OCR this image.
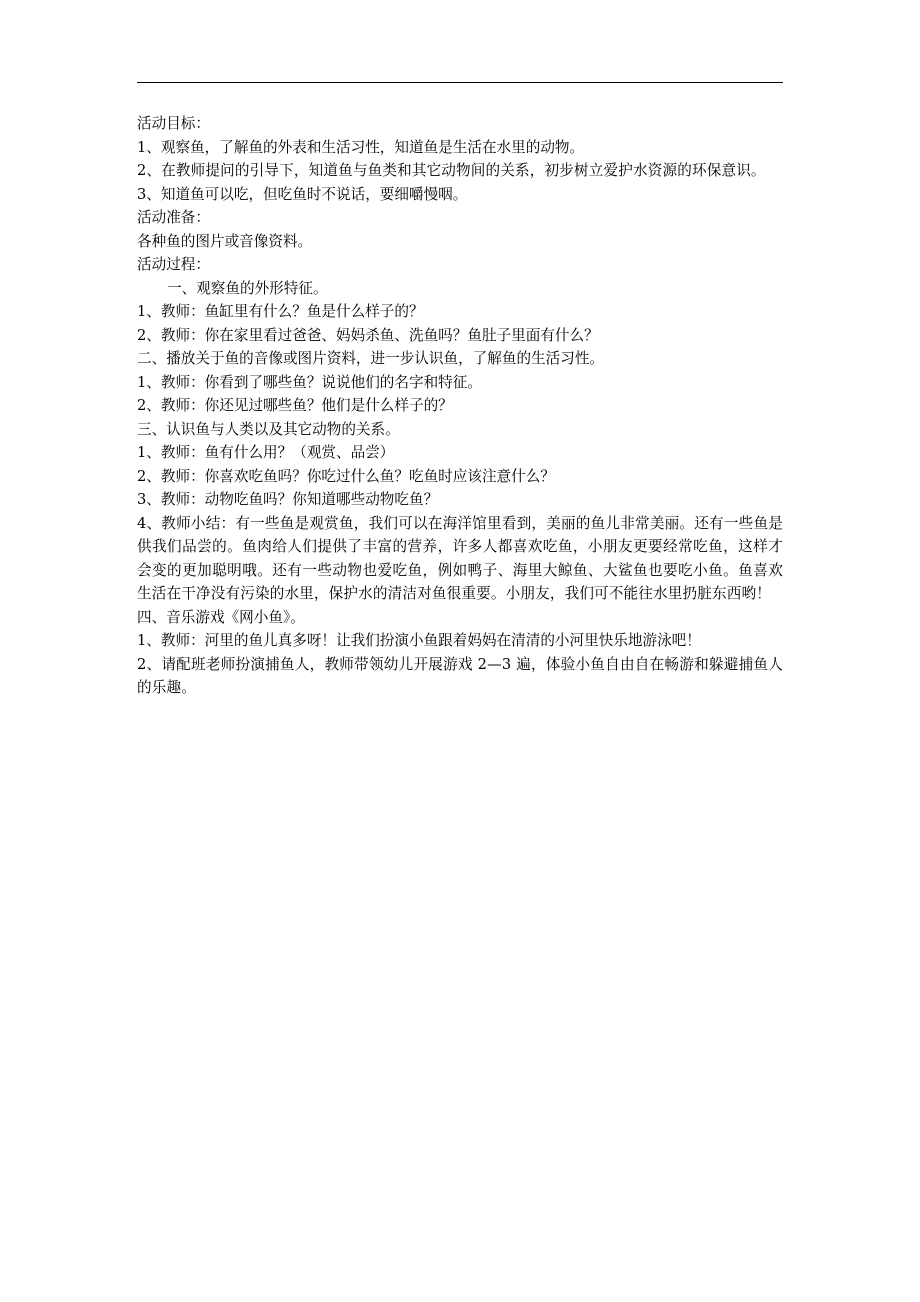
活动目标：
1、观察鱼，了解鱼的外表和生活习性，知道鱼是生活在水里的动物。
2、在教师提问的引导下，知道鱼与鱼类和其它动物间的关系，初步树立爱护水资源的环保意识。
3、知道鱼可以吃，但吃鱼时不说话，要细嚼慢咽。
活动准备：
各种鱼的图片或音像资料。
活动过程：
一、观察鱼的外形特征。
1、教师：鱼缸里有什么？鱼是什么样子的？
2、教师：你在家里看过爸爸、妈妈杀鱼、洗鱼吗？鱼肚子里面有什么？
二、播放关于鱼的音像或图片资料，进一步认识鱼，了解鱼的生活习性。
1、教师：你看到了哪些鱼？说说他们的名字和特征。
2、教师：你还见过哪些鱼？他们是什么样子的？
三、认识鱼与人类以及其它动物的关系。
1、教师：鱼有什么用？（观赏、品尝）
2、教师：你喜欢吃鱼吗？你吃过什么鱼？吃鱼时应该注意什么？
3、教师：动物吃鱼吗？你知道哪些动物吃鱼？
4、教师小结：有一些鱼是观赏鱼，我们可以在海洋馆里看到，美丽的鱼儿非常美丽。还有一些鱼是供我们品尝的。鱼肉给人们提供了丰富的营养，许多人都喜欢吃鱼，小朋友更要经常吃鱼，这样才会变的更加聪明哦。还有一些动物也爱吃鱼，例如鸭子、海里大鲸鱼、大鲨鱼也要吃小鱼。鱼喜欢生活在干净没有污染的水里，保护水的清洁对鱼很重要。小朋友，我们可不能往水里扔脏东西哟！
四、音乐游戏《网小鱼》。
1、教师：河里的鱼儿真多呀！让我们扮演小鱼跟着妈妈在清清的小河里快乐地游泳吧！
2、请配班老师扮演捕鱼人，教师带领幼儿开展游戏 2—3 遍，体验小鱼自由自在畅游和躲避捕鱼人的乐趣。
